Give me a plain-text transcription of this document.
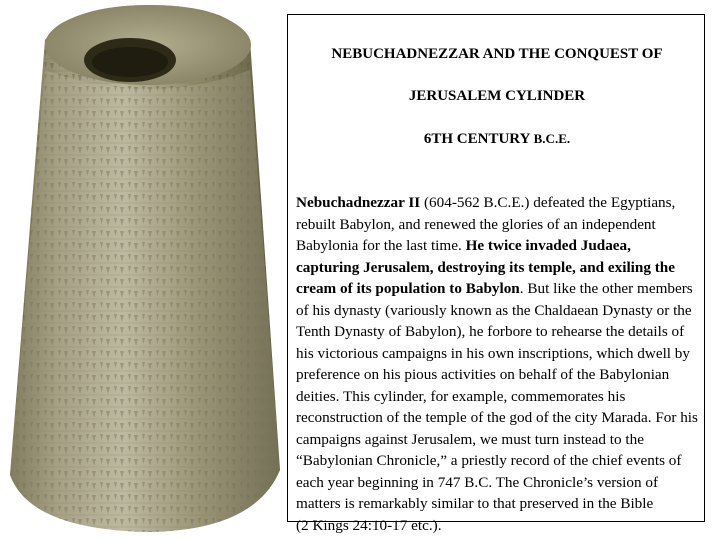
NEBUCHADNEZZAR AND THE CONQUEST OF

JERUSALEM CYLINDER

6TH CENTURY B.C.E.

Nebuchadnezzar II (604-562 B.C.E.) defeated the Egyptians, rebuilt Babylon, and renewed the glories of an independent Babylonia for the last time. He twice invaded Judaea, capturing Jerusalem, destroying its temple, and exiling the cream of its population to Babylon. But like the other members of his dynasty (variously known as the Chaldaean Dynasty or the Tenth Dynasty of Babylon), he forbore to rehearse the details of his victorious campaigns in his own inscriptions, which dwell by preference on his pious activities on behalf of the Babylonian deities. This cylinder, for example, commemorates his reconstruction of the temple of the god of the city Marada. For his campaigns against Jerusalem, we must turn instead to the “Babylonian Chronicle,” a priestly record of the chief events of each year beginning in 747 B.C. The Chronicle’s version of matters is remarkably similar to that preserved in the Bible
(2 Kings 24:10-17 etc.).
